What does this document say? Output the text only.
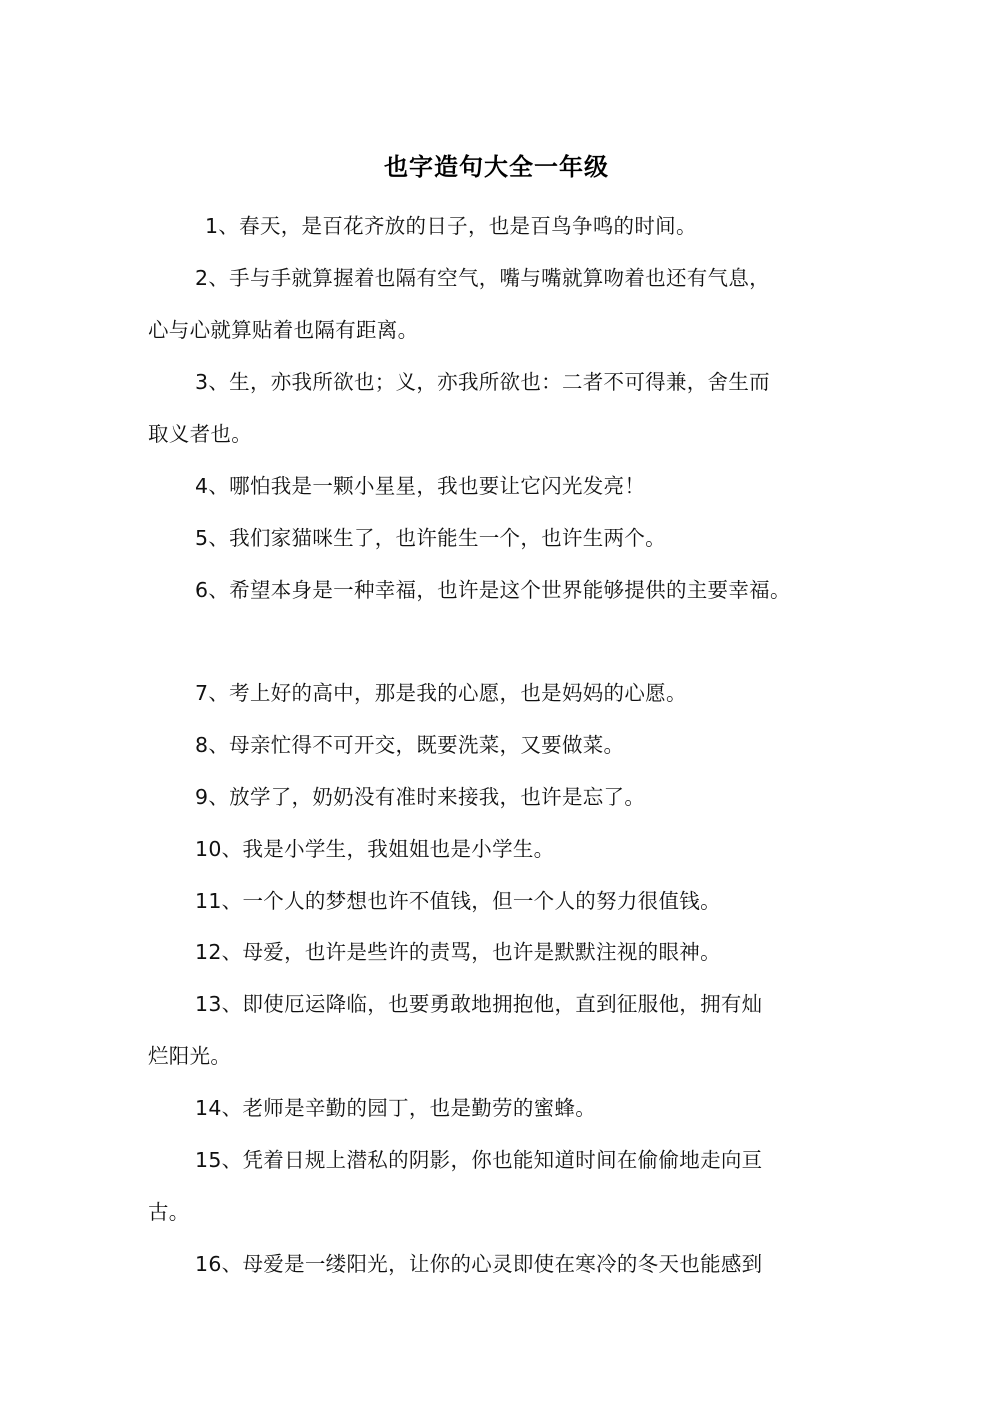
也字造句大全一年级
1、春天，是百花齐放的日子，也是百鸟争鸣的时间。
2、手与手就算握着也隔有空气，嘴与嘴就算吻着也还有气息，
心与心就算贴着也隔有距离。
3、生，亦我所欲也；义，亦我所欲也：二者不可得兼，舍生而
取义者也。
4、哪怕我是一颗小星星，我也要让它闪光发亮！
5、我们家猫咪生了，也许能生一个，也许生两个。
6、希望本身是一种幸福，也许是这个世界能够提供的主要幸福。
7、考上好的高中，那是我的心愿，也是妈妈的心愿。
8、母亲忙得不可开交，既要洗菜，又要做菜。
9、放学了，奶奶没有准时来接我，也许是忘了。
10、我是小学生，我姐姐也是小学生。
11、一个人的梦想也许不值钱，但一个人的努力很值钱。
12、母爱，也许是些许的责骂，也许是默默注视的眼神。
13、即使厄运降临，也要勇敢地拥抱他，直到征服他，拥有灿
烂阳光。
14、老师是辛勤的园丁，也是勤劳的蜜蜂。
15、凭着日规上潜私的阴影，你也能知道时间在偷偷地走向亘
古。
16、母爱是一缕阳光，让你的心灵即使在寒冷的冬天也能感到
